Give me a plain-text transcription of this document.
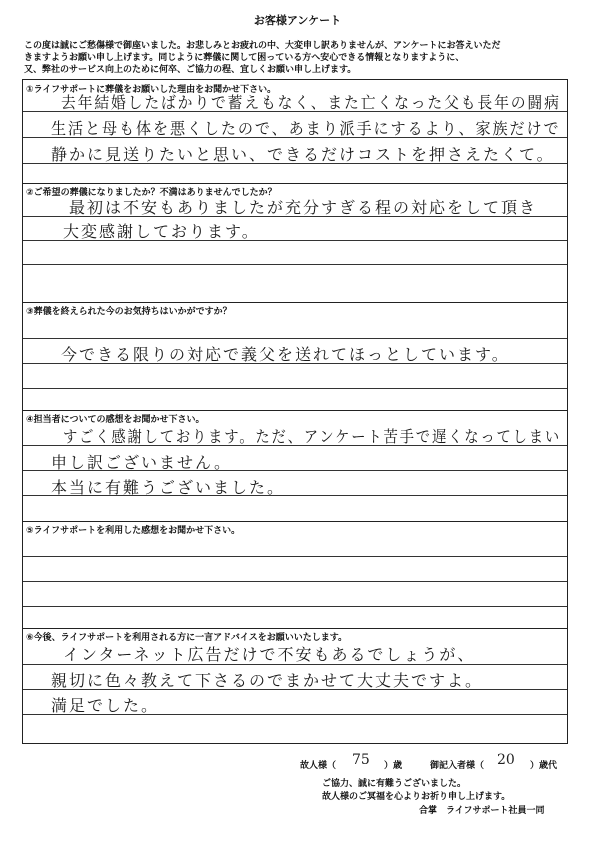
お客様アンケート
この度は誠にご愁傷様で御座いました。お悲しみとお疲れの中、大変申し訳ありませんが、アンケートにお答えいただ
きますようお願い申し上げます。同じように葬儀に関して困っている方へ安心できる情報となりますように、
又、弊社のサービス向上のために何卒、ご協力の程、宜しくお願い申し上げます。
①ライフサポートに葬儀をお願いした理由をお聞かせ下さい。
去年結婚したばかりで蓄えもなく、また亡くなった父も長年の闘病
生活と母も体を悪くしたので、あまり派手にするより、家族だけで
静かに見送りたいと思い、できるだけコストを押さえたくて。
②ご希望の葬儀になりましたか？不満はありませんでしたか？
最初は不安もありましたが充分すぎる程の対応をして頂き
大変感謝しております。
③葬儀を終えられた今のお気持ちはいかがですか？
今できる限りの対応で義父を送れてほっとしています。
④担当者についての感想をお聞かせ下さい。
すごく感謝しております。ただ、アンケート苦手で遅くなってしまい
申し訳ございません。
本当に有難うございました。
⑤ライフサポートを利用した感想をお聞かせ下さい。
⑥今後、ライフサポートを利用される方に一言アドバイスをお願いいたします。
インターネット広告だけで不安もあるでしょうが、
親切に色々教えて下さるのでまかせて大丈夫ですよ。
満足でした。
故人様（ 75 ）歳	御記入者様（ 20 ）歳代
ご協力、誠に有難うございました。
故人様のご冥福を心よりお祈り申し上げます。
合掌　ライフサポート社員一同
